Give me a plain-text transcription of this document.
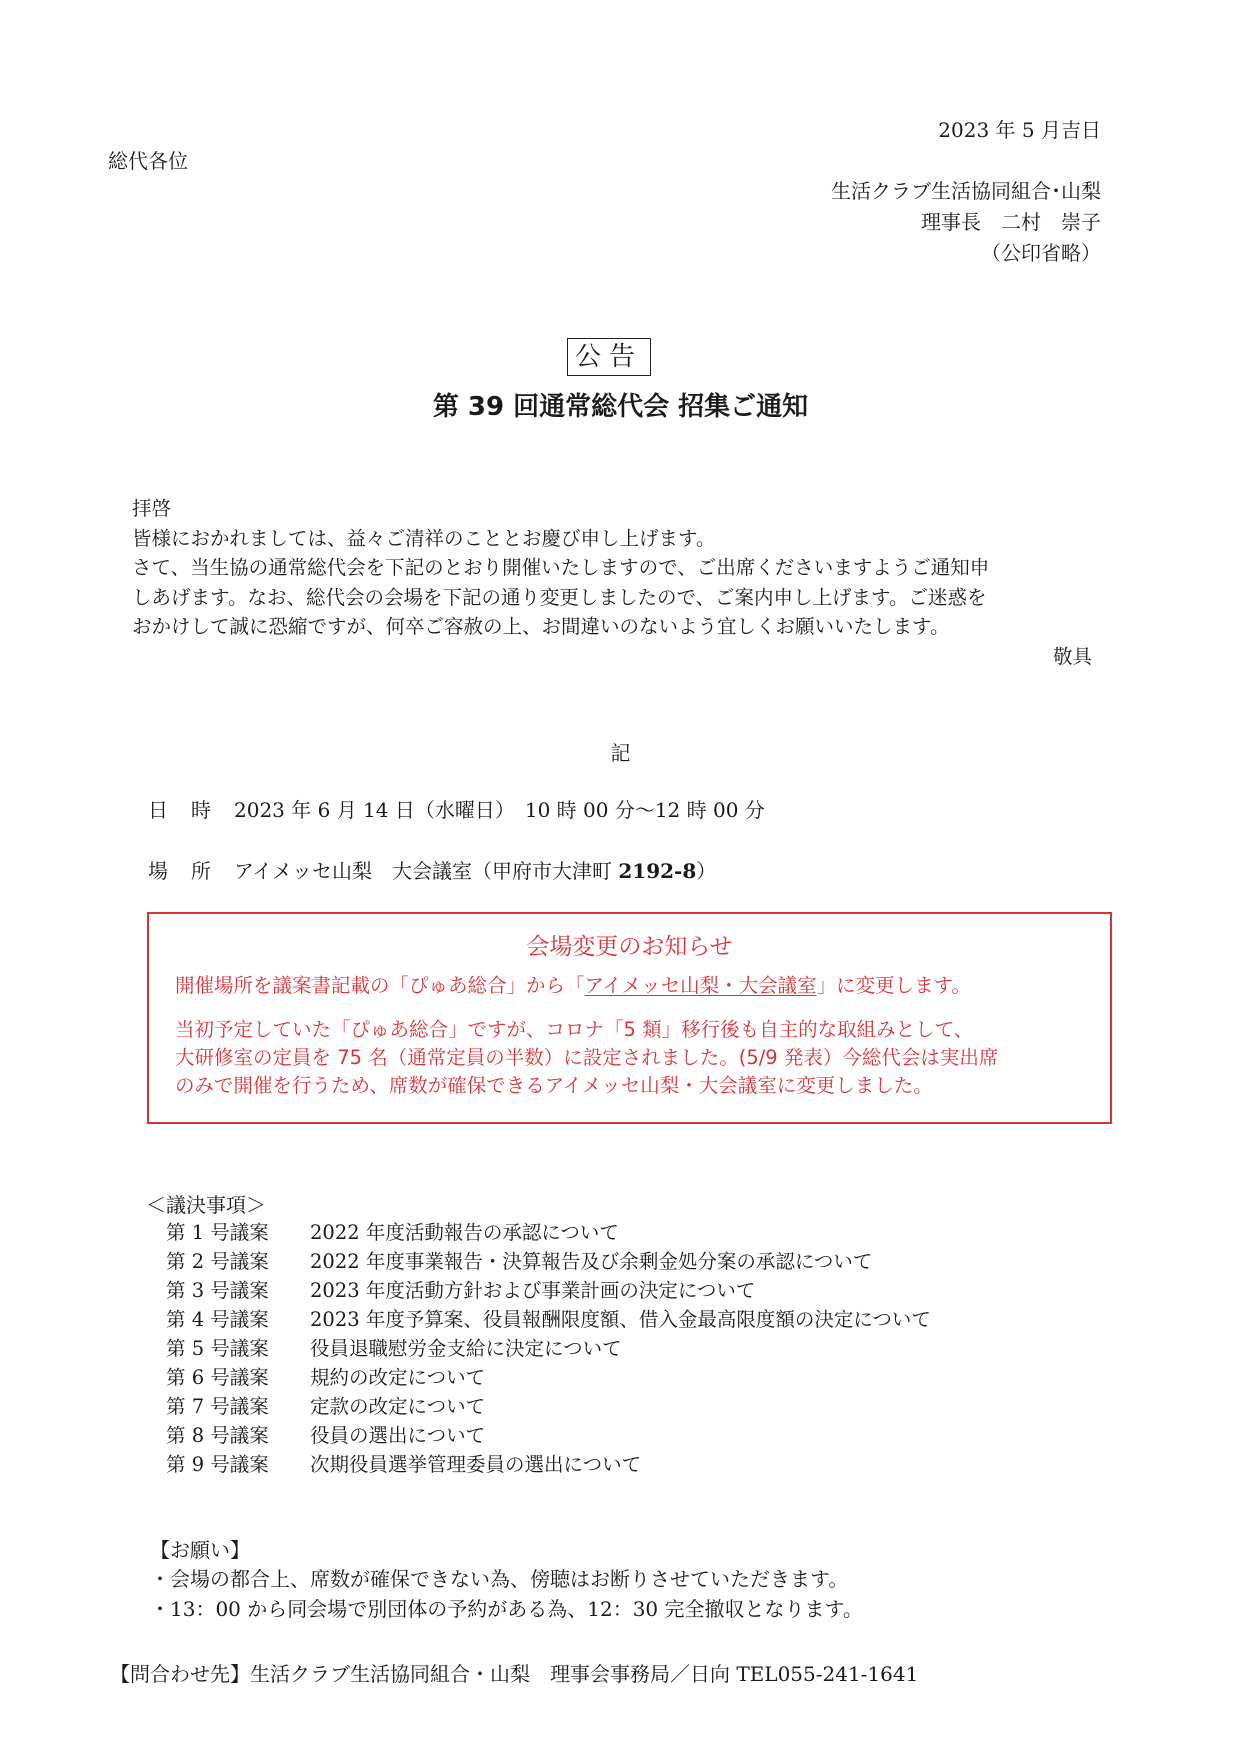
2023 年 5 月吉日
総代各位
生活クラブ生活協同組合･山梨
理事長　二村　崇子
（公印省略）
公告
第 39 回通常総代会 招集ご通知
拝啓
皆様におかれましては、益々ご清祥のこととお慶び申し上げます。
さて、当生協の通常総代会を下記のとおり開催いたしますので、ご出席くださいますようご通知申
しあげます。なお、総代会の会場を下記の通り変更しましたので、ご案内申し上げます。ご迷惑を
おかけして誠に恐縮ですが、何卒ご容赦の上、お間違いのないよう宜しくお願いいたします。
敬具
記
日 時 2023 年 6 月 14 日（水曜日）　10 時 00 分～12 時 00 分
場 所 アイメッセ山梨　大会議室（甲府市大津町 2192-8）
会場変更のお知らせ
開催場所を議案書記載の「ぴゅあ総合」から「アイメッセ山梨・大会議室」に変更します。
当初予定していた「ぴゅあ総合」ですが、コロナ「5 類」移行後も自主的な取組みとして、
大研修室の定員を 75 名（通常定員の半数）に設定されました。(5/9 発表）今総代会は実出席
のみで開催を行うため、席数が確保できるアイメッセ山梨・大会議室に変更しました。
＜議決事項＞
第 1 号議案 2022 年度活動報告の承認について
第 2 号議案 2022 年度事業報告・決算報告及び余剰金処分案の承認について
第 3 号議案 2023 年度活動方針および事業計画の決定について
第 4 号議案 2023 年度予算案、役員報酬限度額、借入金最高限度額の決定について
第 5 号議案 役員退職慰労金支給に決定について
第 6 号議案 規約の改定について
第 7 号議案 定款の改定について
第 8 号議案 役員の選出について
第 9 号議案 次期役員選挙管理委員の選出について
【お願い】
・会場の都合上、席数が確保できない為、傍聴はお断りさせていただきます。
・13：00 から同会場で別団体の予約がある為、12：30 完全撤収となります。
【問合わせ先】生活クラブ生活協同組合・山梨　理事会事務局／日向 TEL055-241-1641
